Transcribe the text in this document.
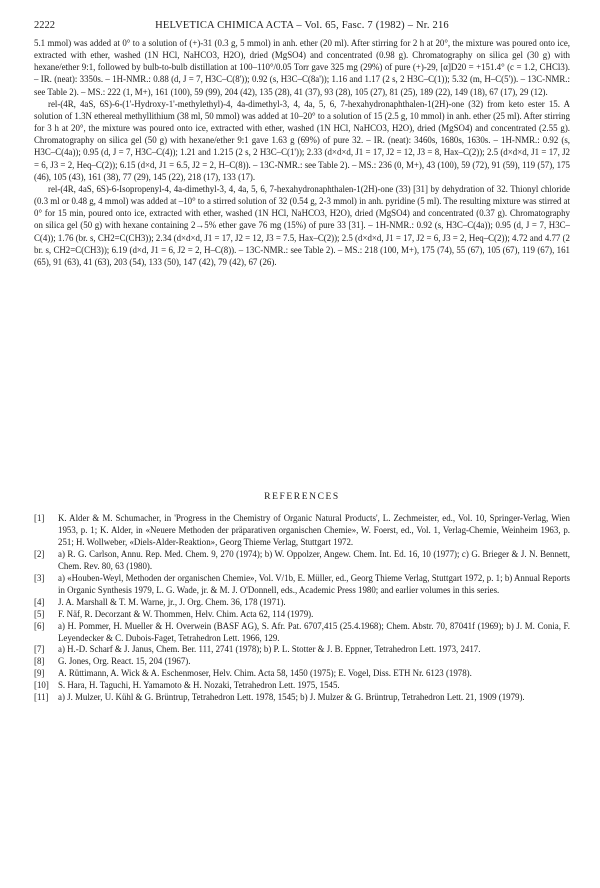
2222	HELVETICA CHIMICA ACTA – Vol. 65, Fasc. 7 (1982) – Nr. 216

5.1 mmol) was added at 0° to a solution of (+)-31 (0.3 g, 5 mmol) in anh. ether (20 ml). After stirring for 2 h at 20°, the mixture was poured onto ice, extracted with ether, washed (1N HCl, NaHCO3, H2O), dried (MgSO4) and concentrated (0.98 g). Chromatography on silica gel (30 g) with hexane/ether 9:1, followed by bulb-to-bulb distillation at 100–110°/0.05 Torr gave 325 mg (29%) of pure (+)-29, [α]D20 = +151.4° (c = 1.2, CHCl3). – IR. (neat): 3350s. – 1H-NMR.: 0.88 (d, J = 7, H3C–C(8')); 0.92 (s, H3C–C(8a')); 1.16 and 1.17 (2 s, 2 H3C–C(1)); 5.32 (m, H–C(5')). – 13C-NMR.: see Table 2). – MS.: 222 (1, M+), 161 (100), 59 (99), 204 (42), 135 (28), 41 (37), 93 (28), 105 (27), 81 (25), 189 (22), 149 (18), 67 (17), 29 (12).

rel-(4R, 4aS, 6S)-6-(1'-Hydroxy-1'-methylethyl)-4, 4a-dimethyl-3, 4, 4a, 5, 6, 7-hexahydronaphthalen-1(2H)-one (32) from keto ester 15. A solution of 1.3N ethereal methyllithium (38 ml, 50 mmol) was added at 10–20° to a solution of 15 (2.5 g, 10 mmol) in anh. ether (25 ml). After stirring for 3 h at 20°, the mixture was poured onto ice, extracted with ether, washed (1N HCl, NaHCO3, H2O), dried (MgSO4) and concentrated (2.55 g). Chromatography on silica gel (50 g) with hexane/ether 9:1 gave 1.63 g (69%) of pure 32. – IR. (neat): 3460s, 1680s, 1630s. – 1H-NMR.: 0.92 (s, H3C–C(4a)); 0.95 (d, J = 7, H3C–C(4)); 1.21 and 1.215 (2 s, 2 H3C–C(1')); 2.33 (d×d×d, J1 = 17, J2 = 12, J3 = 8, Hax–C(2)); 2.5 (d×d×d, J1 = 17, J2 = 6, J3 = 2, Heq–C(2)); 6.15 (d×d, J1 = 6.5, J2 = 2, H–C(8)). – 13C-NMR.: see Table 2). – MS.: 236 (0, M+), 43 (100), 59 (72), 91 (59), 119 (57), 175 (46), 105 (43), 161 (38), 77 (29), 145 (22), 218 (17), 133 (17).

rel-(4R, 4aS, 6S)-6-Isopropenyl-4, 4a-dimethyl-3, 4, 4a, 5, 6, 7-hexahydronaphthalen-1(2H)-one (33) [31] by dehydration of 32. Thionyl chloride (0.3 ml or 0.48 g, 4 mmol) was added at –10° to a stirred solution of 32 (0.54 g, 2-3 mmol) in anh. pyridine (5 ml). The resulting mixture was stirred at 0° for 15 min, poured onto ice, extracted with ether, washed (1N HCl, NaHCO3, H2O), dried (MgSO4) and concentrated (0.37 g). Chromatography on silica gel (50 g) with hexane containing 2→5% ether gave 76 mg (15%) of pure 33 [31]. – 1H-NMR.: 0.92 (s, H3C–C(4a)); 0.95 (d, J = 7, H3C–C(4)); 1.76 (br. s, CH2=C(CH3)); 2.34 (d×d×d, J1 = 17, J2 = 12, J3 = 7.5, Hax–C(2)); 2.5 (d×d×d, J1 = 17, J2 = 6, J3 = 2, Heq–C(2)); 4.72 and 4.77 (2 br. s, CH2=C(CH3)); 6.19 (d×d, J1 = 6, J2 = 2, H–C(8)). – 13C-NMR.: see Table 2). – MS.: 218 (100, M+), 175 (74), 55 (67), 105 (67), 119 (67), 161 (65), 91 (63), 41 (63), 203 (54), 133 (50), 147 (42), 79 (42), 67 (26).

REFERENCES
[1] K. Alder & M. Schumacher, in 'Progress in the Chemistry of Organic Natural Products', L. Zechmeister, ed., Vol. 10, Springer-Verlag, Wien 1953, p. 1; K. Alder, in «Neuere Methoden der präparativen organischen Chemie», W. Foerst, ed., Vol. 1, Verlag-Chemie, Weinheim 1963, p. 251; H. Wollweber, «Diels-Alder-Reaktion», Georg Thieme Verlag, Stuttgart 1972.
[2] a) R. G. Carlson, Annu. Rep. Med. Chem. 9, 270 (1974); b) W. Oppolzer, Angew. Chem. Int. Ed. 16, 10 (1977); c) G. Brieger & J. N. Bennett, Chem. Rev. 80, 63 (1980).
[3] a) «Houben-Weyl, Methoden der organischen Chemie», Vol. V/1b, E. Müller, ed., Georg Thieme Verlag, Stuttgart 1972, p. 1; b) Annual Reports in Organic Synthesis 1979, L. G. Wade, jr. & M. J. O'Donnell, eds., Academic Press 1980; and earlier volumes in this series.
[4] J. A. Marshall & T. M. Warne, jr., J. Org. Chem. 36, 178 (1971).
[5] F. Näf, R. Decorzant & W. Thommen, Helv. Chim. Acta 62, 114 (1979).
[6] a) H. Pommer, H. Mueller & H. Overwein (BASF AG), S. Afr. Pat. 6707,415 (25.4.1968); Chem. Abstr. 70, 87041f (1969); b) J. M. Conia, F. Leyendecker & C. Dubois-Faget, Tetrahedron Lett. 1966, 129.
[7] a) H.-D. Scharf & J. Janus, Chem. Ber. 111, 2741 (1978); b) P. L. Stotter & J. B. Eppner, Tetrahedron Lett. 1973, 2417.
[8] G. Jones, Org. React. 15, 204 (1967).
[9] A. Rüttimann, A. Wick & A. Eschenmoser, Helv. Chim. Acta 58, 1450 (1975); E. Vogel, Diss. ETH Nr. 6123 (1978).
[10] S. Hara, H. Taguchi, H. Yamamoto & H. Nozaki, Tetrahedron Lett. 1975, 1545.
[11] a) J. Mulzer, U. Kühl & G. Brüntrup, Tetrahedron Lett. 1978, 1545; b) J. Mulzer & G. Brüntrup, Tetrahedron Lett. 21, 1909 (1979).
